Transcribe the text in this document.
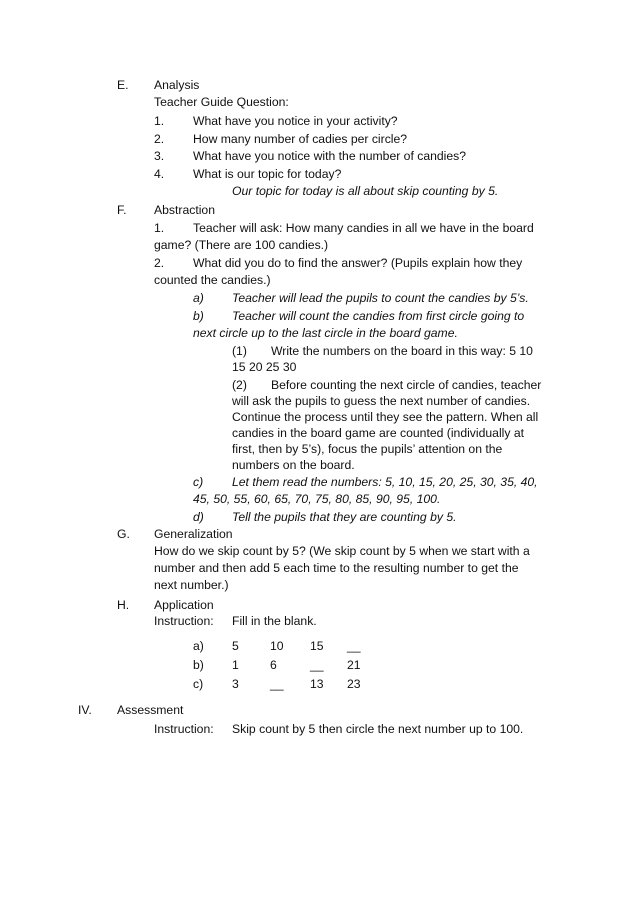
E. Analysis
Teacher Guide Question:
1. What have you notice in your activity?
2. How many number of cadies per circle?
3. What have you notice with the number of candies?
4. What is our topic for today?
Our topic for today is all about skip counting by 5.
F. Abstraction
1. Teacher will ask: How many candies in all we have in the board
game? (There are 100 candies.)
2. What did you do to find the answer? (Pupils explain how they
counted the candies.)
a) Teacher will lead the pupils to count the candies by 5’s.
b) Teacher will count the candies from first circle going to
next circle up to the last circle in the board game.
(1) Write the numbers on the board in this way: 5 10
15 20 25 30
(2) Before counting the next circle of candies, teacher
will ask the pupils to guess the next number of candies.
Continue the process until they see the pattern. When all
candies in the board game are counted (individually at
first, then by 5’s), focus the pupils’ attention on the
numbers on the board.
c) Let them read the numbers: 5, 10, 15, 20, 25, 30, 35, 40,
45, 50, 55, 60, 65, 70, 75, 80, 85, 90, 95, 100.
d) Tell the pupils that they are counting by 5.
G. Generalization
How do we skip count by 5? (We skip count by 5 when we start with a
number and then add 5 each time to the resulting number to get the
next number.)
H. Application
Instruction: Fill in the blank.
a) 5	10 15 __
b) 1	6	__ 21
c) 3	__ 13 23
IV. Assessment
Instruction: Skip count by 5 then circle the next number up to 100.
